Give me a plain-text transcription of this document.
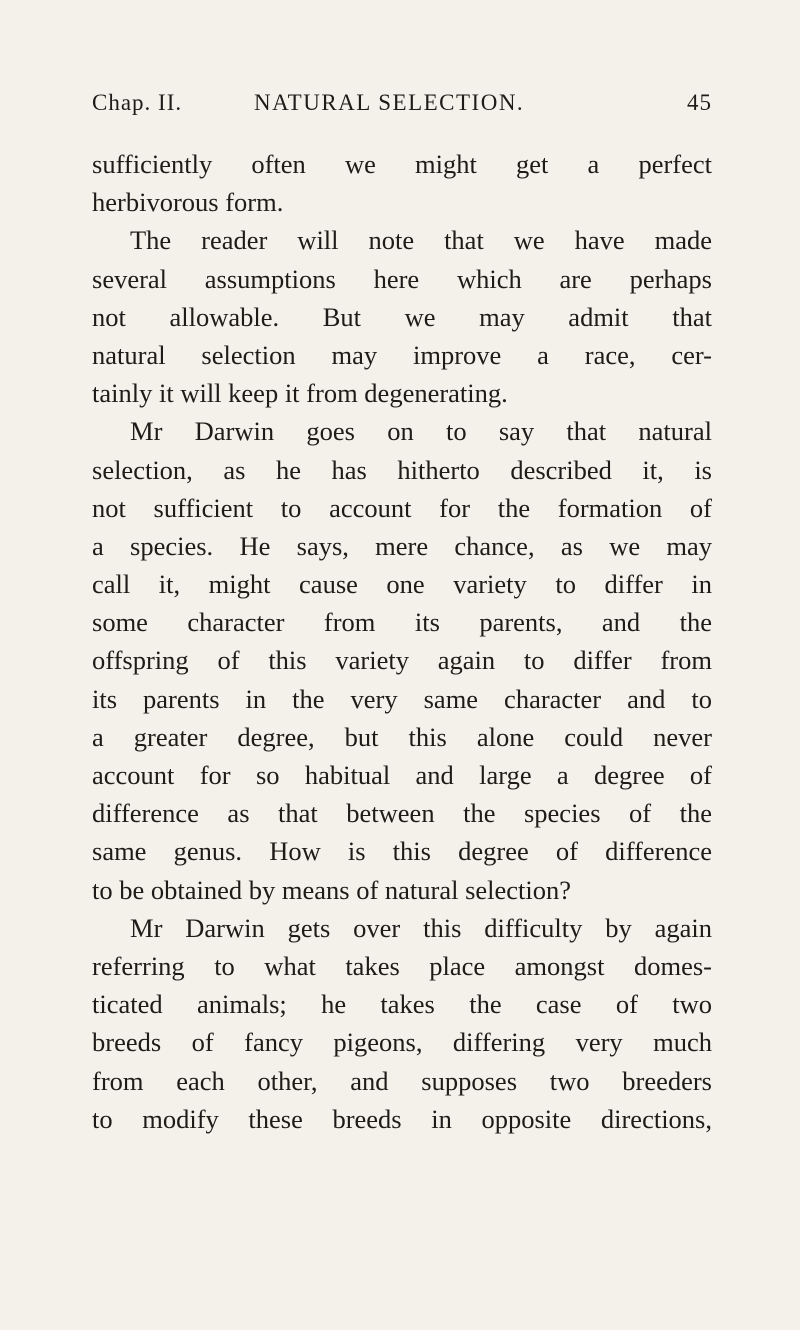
Chap. II.	NATURAL SELECTION.	45
sufficiently often we might get a perfect
herbivorous form.
The reader will note that we have made
several assumptions here which are perhaps
not allowable. But we may admit that
natural selection may improve a race, cer-
tainly it will keep it from degenerating.
Mr Darwin goes on to say that natural
selection, as he has hitherto described it, is
not sufficient to account for the formation of
a species. He says, mere chance, as we may
call it, might cause one variety to differ in
some character from its parents, and the
offspring of this variety again to differ from
its parents in the very same character and to
a greater degree, but this alone could never
account for so habitual and large a degree of
difference as that between the species of the
same genus. How is this degree of difference
to be obtained by means of natural selection?
Mr Darwin gets over this difficulty by again
referring to what takes place amongst domes-
ticated animals; he takes the case of two
breeds of fancy pigeons, differing very much
from each other, and supposes two breeders
to modify these breeds in opposite directions,
